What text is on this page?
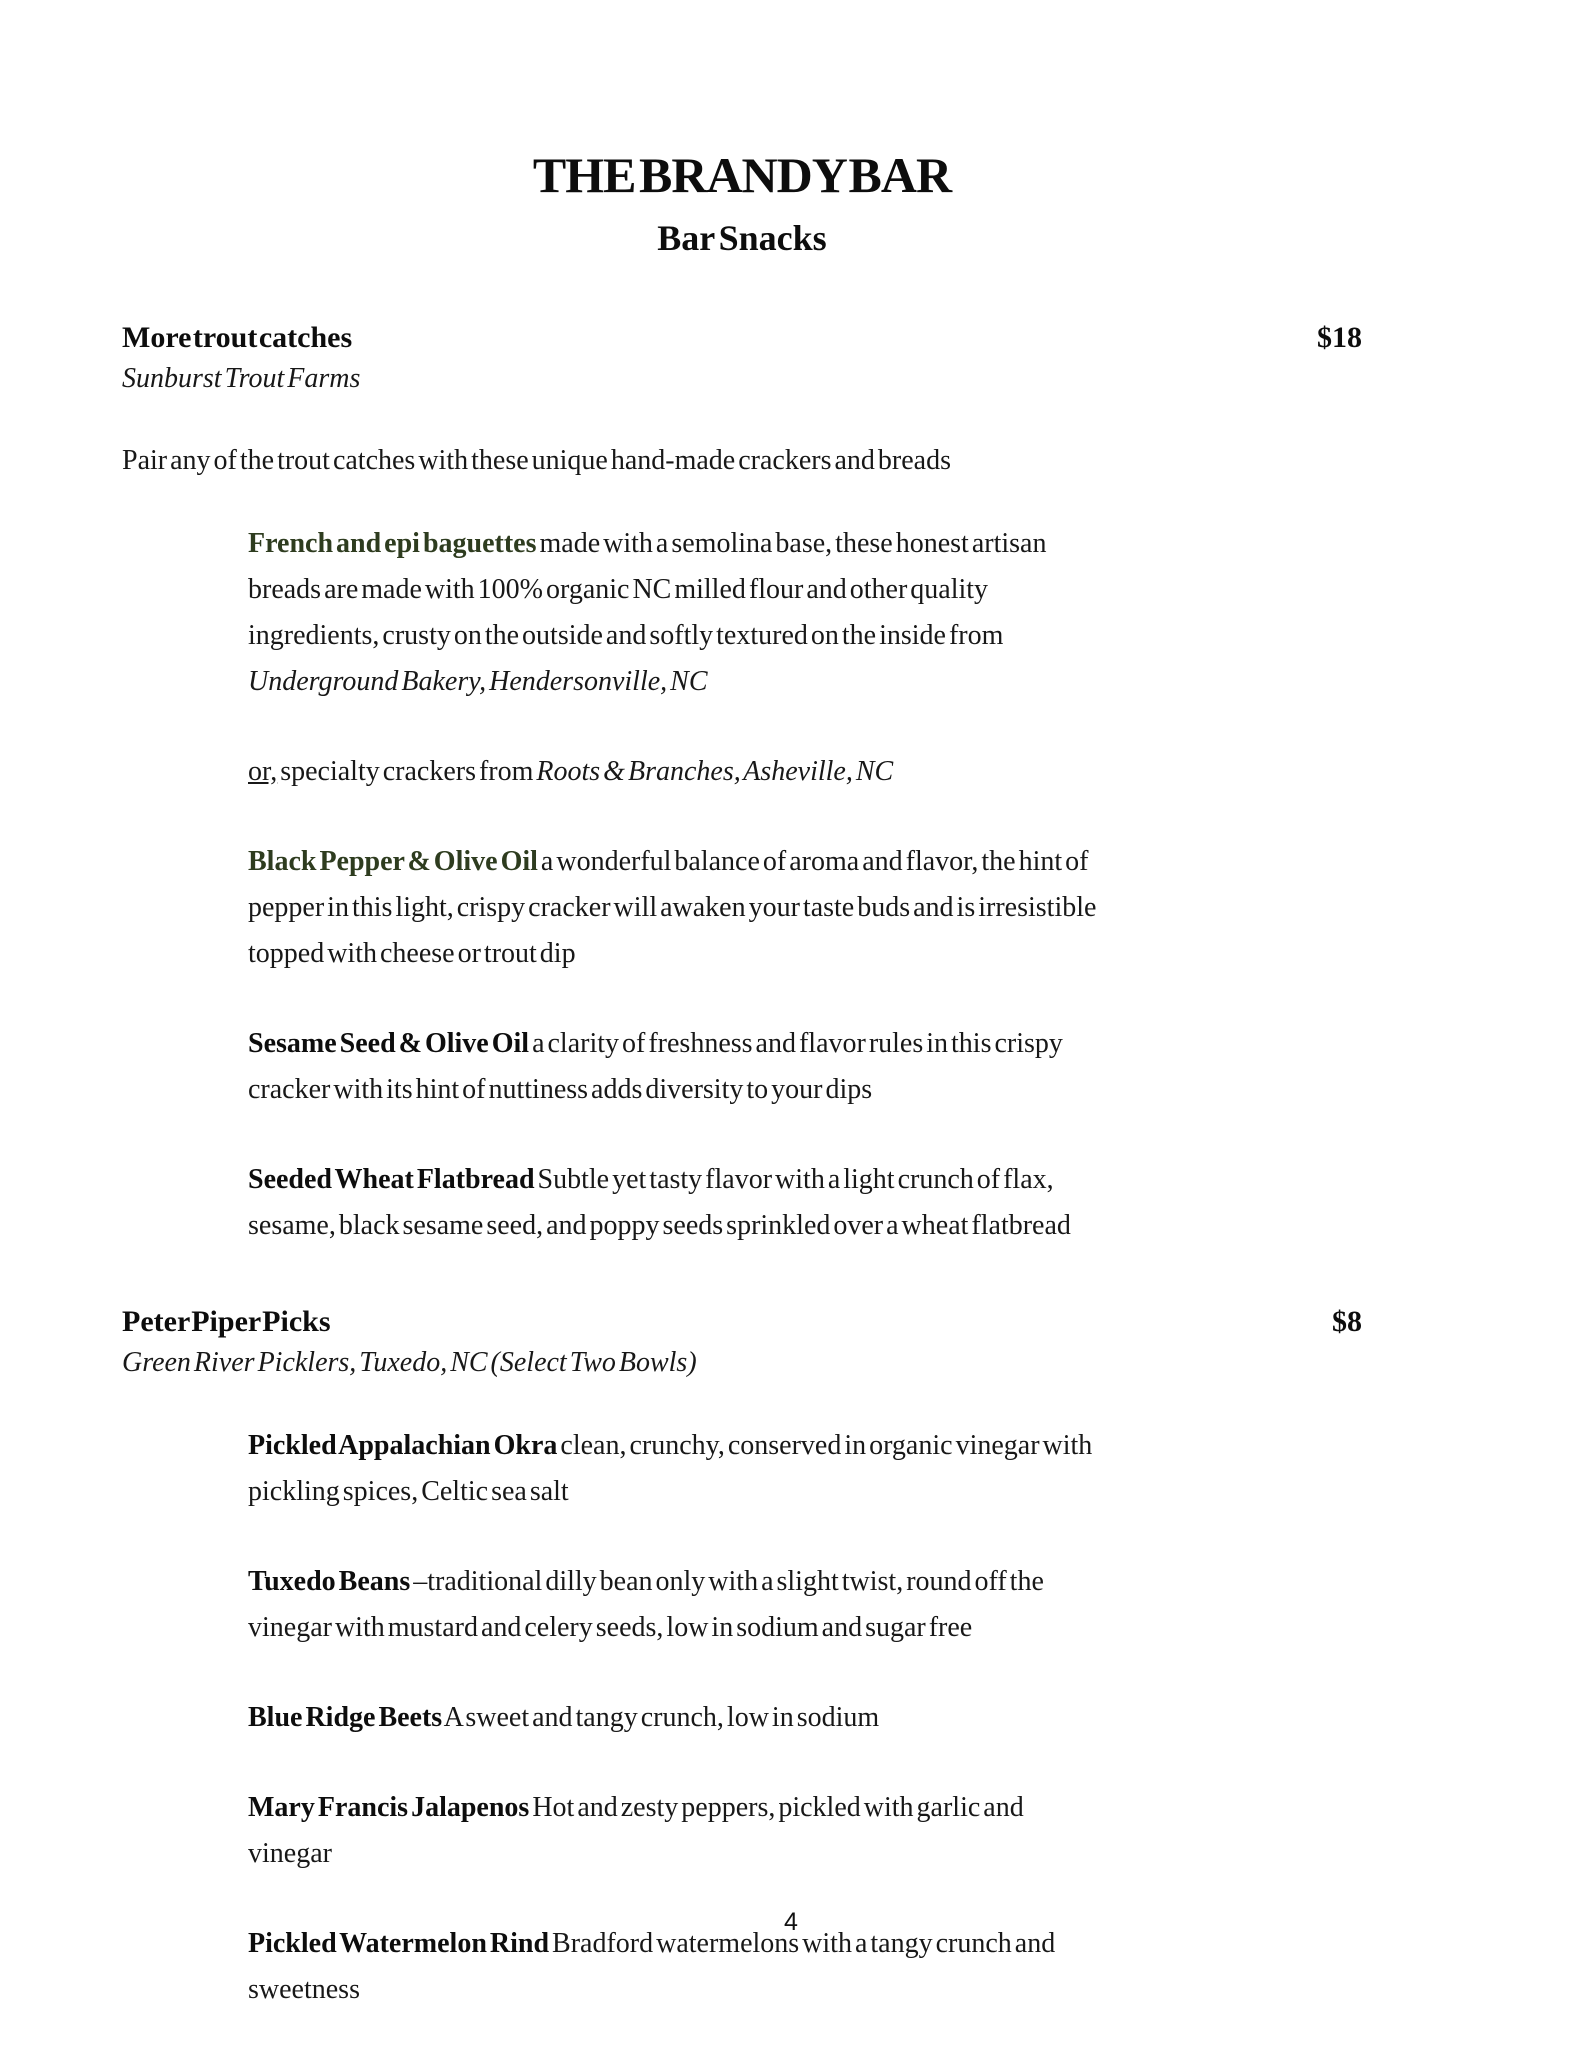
THE BRANDY BAR
Bar Snacks
More trout catches	$18
Sunburst Trout Farms
Pair any of the trout catches with these unique hand-made crackers and breads

French and epi baguettes made with a semolina base, these honest artisan breads are made with 100% organic NC milled flour and other quality ingredients, crusty on the outside and softly textured on the inside from Underground Bakery, Hendersonville, NC

or, specialty crackers from Roots & Branches, Asheville, NC

Black Pepper & Olive Oil a wonderful balance of aroma and flavor, the hint of pepper in this light, crispy cracker will awaken your taste buds and is irresistible topped with cheese or trout dip

Sesame Seed & Olive Oil a clarity of freshness and flavor rules in this crispy cracker with its hint of nuttiness adds diversity to your dips

Seeded Wheat Flatbread Subtle yet tasty flavor with a light crunch of flax, sesame, black sesame seed, and poppy seeds sprinkled over a wheat flatbread

Peter Piper Picks	$8
Green River Picklers, Tuxedo, NC (Select Two Bowls)

Pickled Appalachian Okra clean, crunchy, conserved in organic vinegar with pickling spices, Celtic sea salt

Tuxedo Beans –traditional dilly bean only with a slight twist, round off the vinegar with mustard and celery seeds, low in sodium and sugar free

Blue Ridge Beets A sweet and tangy crunch, low in sodium

Mary Francis Jalapenos Hot and zesty peppers, pickled with garlic and vinegar

Pickled Watermelon Rind Bradford watermelons with a tangy crunch and sweetness

4
